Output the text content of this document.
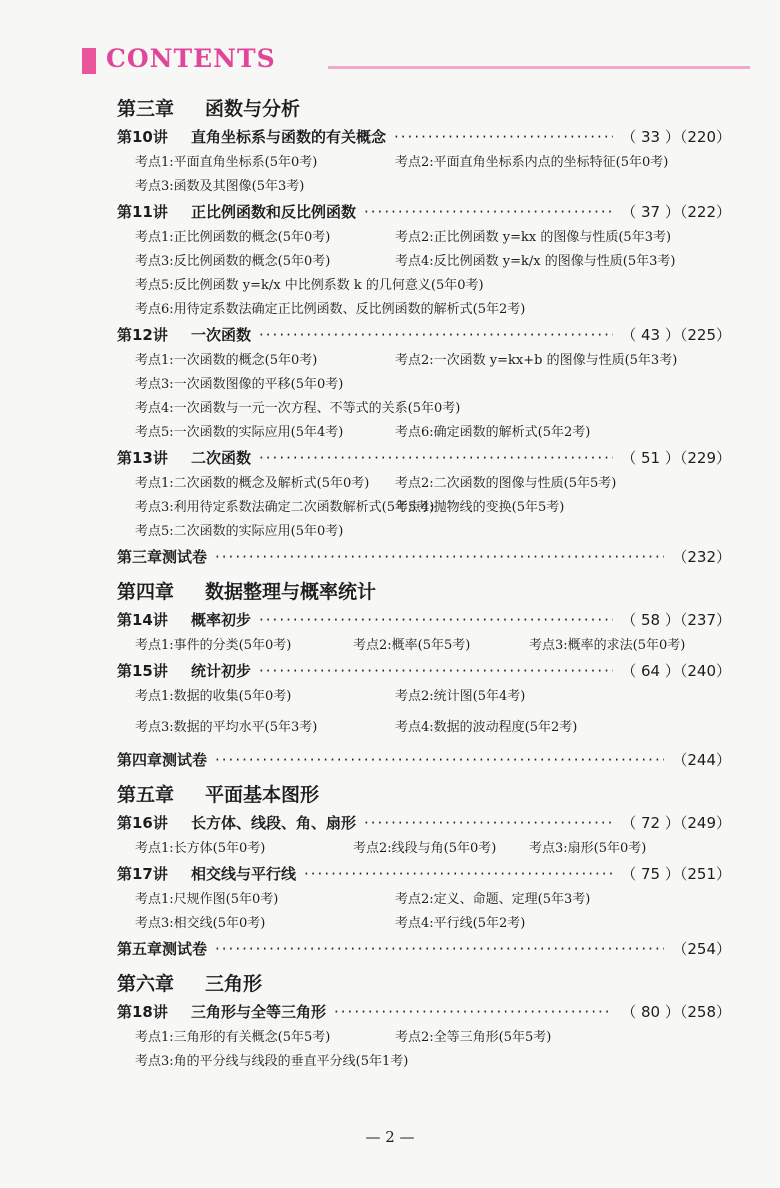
CONTENTS
第三章 函数与分析
第10讲	直角坐标系与函数的有关概念 ·····	（ 33 ）（220）
考点1:平面直角坐标系(5年0考)	考点2:平面直角坐标系内点的坐标特征(5年0考)
考点3:函数及其图像(5年3考)
第11讲	正比例函数和反比例函数 ·····	（ 37 ）（222）
考点1:正比例函数的概念(5年0考)	考点2:正比例函数 y=kx 的图像与性质(5年3考)
考点3:反比例函数的概念(5年0考)	考点4:反比例函数 y=k/x 的图像与性质(5年3考)
考点5:反比例函数 y=k/x 中比例系数 k 的几何意义(5年0考)
考点6:用待定系数法确定正比例函数、反比例函数的解析式(5年2考)
第12讲	一次函数 ·····	（ 43 ）（225）
考点1:一次函数的概念(5年0考)	考点2:一次函数 y=kx+b 的图像与性质(5年3考)
考点3:一次函数图像的平移(5年0考)
考点4:一次函数与一元一次方程、不等式的关系(5年0考)
考点5:一次函数的实际应用(5年4考)	考点6:确定函数的解析式(5年2考)
第13讲	二次函数 ·····	（ 51 ）（229）
考点1:二次函数的概念及解析式(5年0考)	考点2:二次函数的图像与性质(5年5考)
考点3:利用待定系数法确定二次函数解析式(5年5考)
考点4:抛物线的变换(5年5考)
考点5:二次函数的实际应用(5年0考)
第三章测试卷 ·····	（232）
第四章 数据整理与概率统计
第14讲	概率初步 ·····	（ 58 ）（237）
考点1:事件的分类(5年0考)	考点2:概率(5年5考)	考点3:概率的求法(5年0考)
第15讲	统计初步 ·····	（ 64 ）（240）
考点1:数据的收集(5年0考)	考点2:统计图(5年4考)
考点3:数据的平均水平(5年3考)	考点4:数据的波动程度(5年2考)
第四章测试卷 ·····	（244）
第五章 平面基本图形
第16讲	长方体、线段、角、扇形 ·····	（ 72 ）（249）
考点1:长方体(5年0考)	考点2:线段与角(5年0考)	考点3:扇形(5年0考)
第17讲	相交线与平行线 ·····	（ 75 ）（251）
考点1:尺规作图(5年0考)	考点2:定义、命题、定理(5年3考)
考点3:相交线(5年0考)	考点4:平行线(5年2考)
第五章测试卷 ·····	（254）
第六章 三角形
第18讲	三角形与全等三角形 ·····	（ 80 ）（258）
考点1:三角形的有关概念(5年5考)	考点2:全等三角形(5年5考)
考点3:角的平分线与线段的垂直平分线(5年1考)
— 2 —
